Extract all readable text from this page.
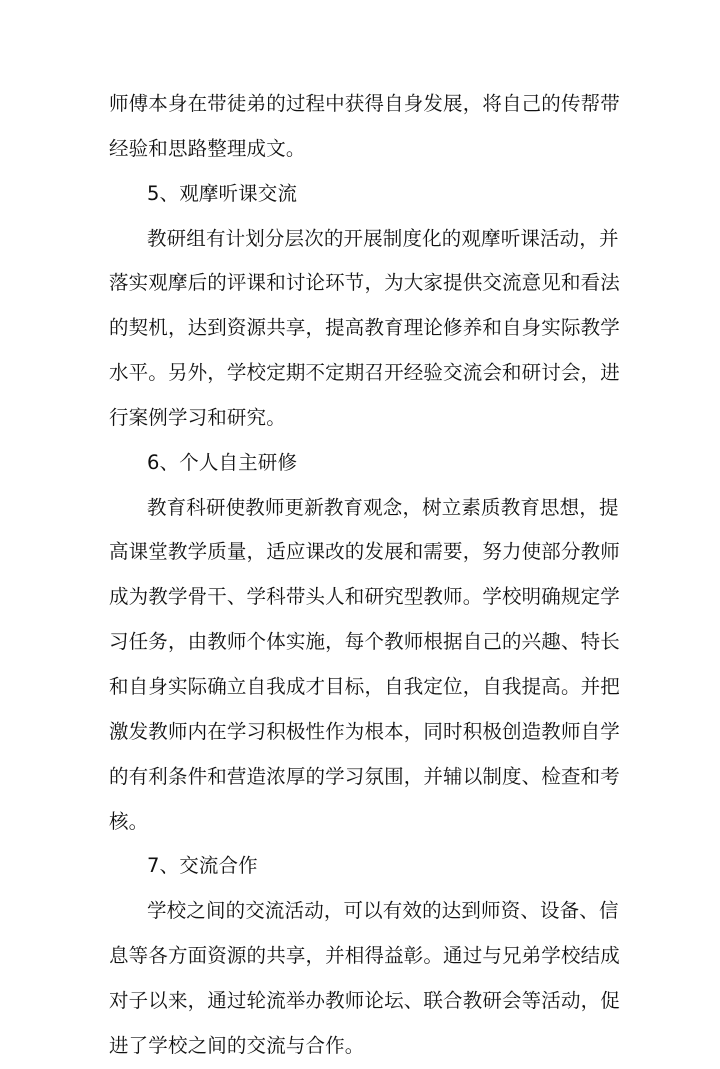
师傅本身在带徒弟的过程中获得自身发展，将自己的传帮带
经验和思路整理成文。
5、观摩听课交流
教研组有计划分层次的开展制度化的观摩听课活动，并
落实观摩后的评课和讨论环节，为大家提供交流意见和看法
的契机，达到资源共享，提高教育理论修养和自身实际教学
水平。另外，学校定期不定期召开经验交流会和研讨会，进
行案例学习和研究。
6、个人自主研修
教育科研使教师更新教育观念，树立素质教育思想，提
高课堂教学质量，适应课改的发展和需要，努力使部分教师
成为教学骨干、学科带头人和研究型教师。学校明确规定学
习任务，由教师个体实施，每个教师根据自己的兴趣、特长
和自身实际确立自我成才目标，自我定位，自我提高。并把
激发教师内在学习积极性作为根本，同时积极创造教师自学
的有利条件和营造浓厚的学习氛围，并辅以制度、检查和考
核。
7、交流合作
学校之间的交流活动，可以有效的达到师资、设备、信
息等各方面资源的共享，并相得益彰。通过与兄弟学校结成
对子以来，通过轮流举办教师论坛、联合教研会等活动，促
进了学校之间的交流与合作。
